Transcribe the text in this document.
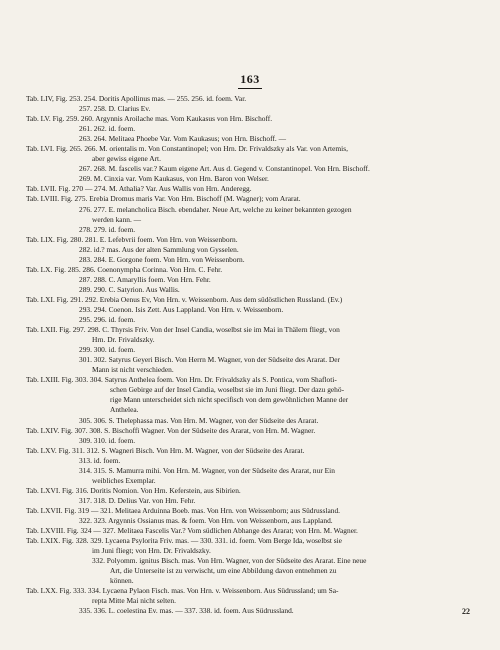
163
Tab. LIV, Fig. 253. 254. Doritis Apollinus mas. — 255. 256. id. foem. Var.
257. 258. D. Clarius Ev.
Tab. LV. Fig. 259. 260. Argynnis Aroilache mas. Vom Kaukasus von Hrn. Bischoff.
261. 262. id. foem.
263. 264. Melitaea Phoebe Var. Vom Kaukasus; von Hrn. Bischoff. —
Tab. LVI. Fig. 265. 266. M. orientalis m. Von Constantinopel; von Hrn. Dr. Frivaldszky als Var. von Artemis,
aber gewiss eigene Art.
267. 268. M. fascelis var.? Kaum eigene Art. Aus d. Gegend v. Constantinopel. Von Hrn. Bischoff.
269. M. Cinxia var. Vom Kaukasus, von Hrn. Baron von Welser.
Tab. LVII. Fig. 270 — 274. M. Athalia? Var. Aus Wallis von Hrn. Anderegg.
Tab. LVIII. Fig. 275. Erebia Dromus maris Var. Von Hrn. Bischoff (M. Wagner); vom Ararat.
276. 277. E. melancholica Bisch. ebendaher. Neue Art, welche zu keiner bekannten gezogen
werden kann. —
278. 279. id. foem.
Tab. LIX. Fig. 280. 281. E. Lefebvrii foem. Von Hrn. von Weissenborn.
282. id.? mas. Aus der alten Sammlung von Gysselen.
283. 284. E. Gorgone foem. Von Hrn. von Weissenborn.
Tab. LX. Fig. 285. 286. Coenonympha Corinna. Von Hrn. C. Fehr.
287. 288. C. Amaryllis foem. Von Hrn. Fehr.
289. 290. C. Satyrion. Aus Wallis.
Tab. LXI. Fig. 291. 292. Erebia Oenus Ev, Von Hrn. v. Weissenborn. Aus dem südöstlichen Russland. (Ev.)
293. 294. Coenon. Isis Zett. Aus Lappland. Von Hrn. v. Weissenborn.
295. 296. id. foem.
Tab. LXII. Fig. 297. 298. C. Thyrsis Friv. Von der Insel Candia, woselbst sie im Mai in Thälern fliegt, von
Hrn. Dr. Frivaldszky.
299. 300. id. foem.
301. 302. Satyrus Geyeri Bisch. Von Herrn M. Wagner, von der Südseite des Ararat. Der
Mann ist nicht verschieden.
Tab. LXIII. Fig. 303. 304. Satyrus Anthelea foem. Von Hrn. Dr. Frivaldszky als S. Pontica, vom Shafloti-
schen Gebirge auf der Insel Candia, woselbst sie im Juni fliegt. Der dazu gehö-
rige Mann unterscheidet sich nicht specifisch von dem gewöhnlichen Manne der
Anthelea.
305. 306. S. Thelephassa mas. Von Hrn. M. Wagner, von der Südseite des Ararat.
Tab. LXIV. Fig. 307. 308. S. Bischoffi Wagner. Von der Südseite des Ararat, von Hrn. M. Wagner.
309. 310. id. foem.
Tab. LXV. Fig. 311. 312. S. Wagneri Bisch. Von Hrn. M. Wagner, von der Südseite des Ararat.
313. id. foem.
314. 315. S. Mamurra mihi. Von Hrn. M. Wagner, von der Südseite des Ararat, nur Ein
weibliches Exemplar.
Tab. LXVI. Fig. 316. Doritis Nomion. Von Hrn. Keferstein, aus Sibirien.
317. 318. D. Delius Var. von Hrn. Fehr.
Tab. LXVII. Fig. 319 — 321. Melitaea Arduinna Boeb. mas. Von Hrn. von Weissenborn; aus Südrussland.
322. 323. Argynnis Ossianus mas. & foem. Von Hrn. von Weissenborn, aus Lappland.
Tab. LXVIII. Fig. 324 — 327. Melitaea Fascelis Var.? Vom südlichen Abhange des Ararat; von Hrn. M. Wagner.
Tab. LXIX. Fig. 328. 329. Lycaena Psylorita Friv. mas. — 330. 331. id. foem. Vom Berge Ida, woselbst sie
im Juni fliegt; von Hrn. Dr. Frivaldszky.
332. Polyomm. ignitus Bisch. mas. Von Hrn. Wagner, von der Südseite des Ararat. Eine neue
Art, die Unterseite ist zu verwischt, um eine Abbildung davon entnehmen zu
können.
Tab. LXX. Fig. 333. 334. Lycaena Pylaon Fisch. mas. Von Hrn. v. Weissenborn. Aus Südrussland; um Sa-
repta Mitte Mai nicht selten.
335. 336. L. coelestina Ev. mas. — 337. 338. id. foem. Aus Südrussland.	22
